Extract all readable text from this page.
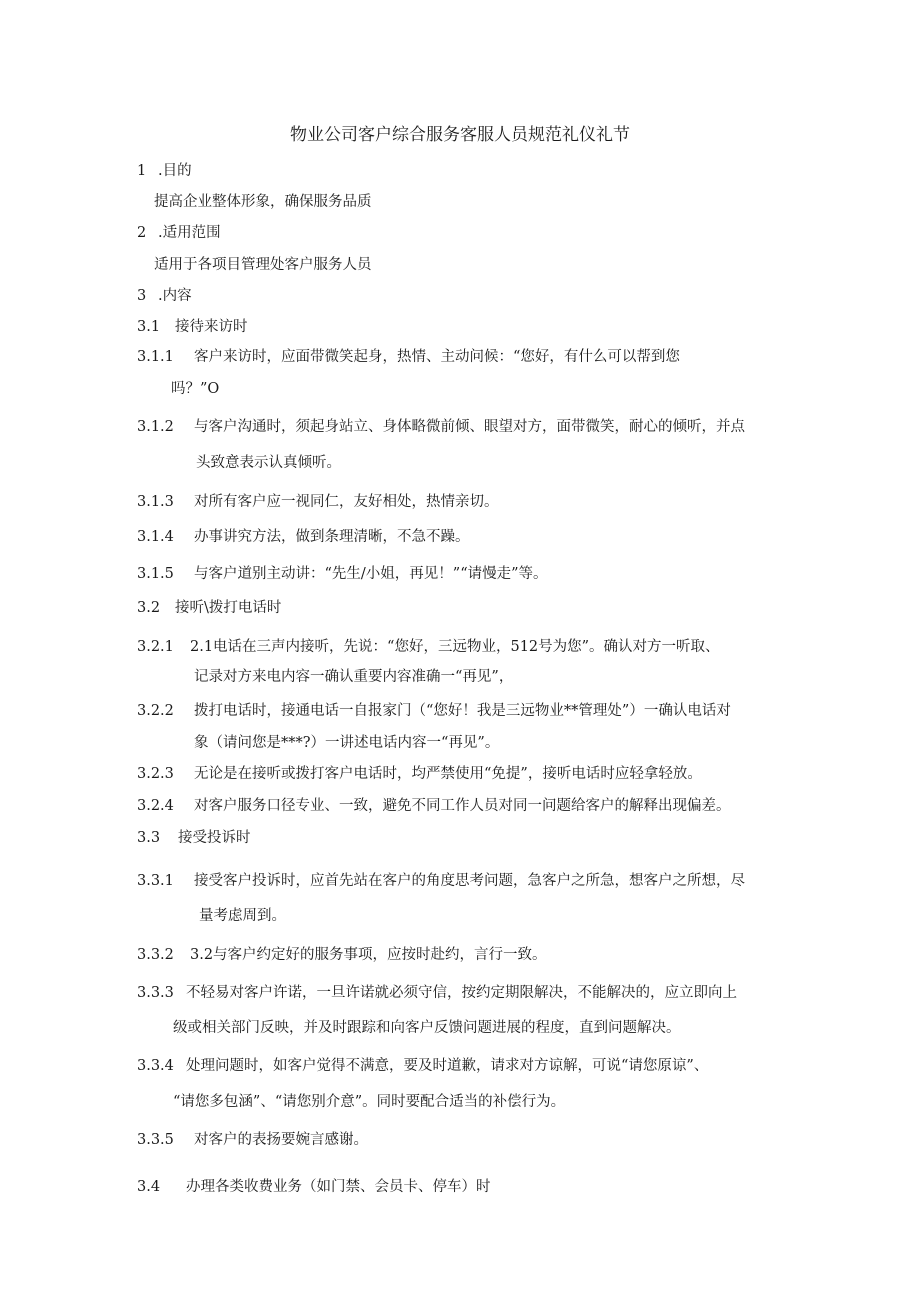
物业公司客户综合服务客服人员规范礼仪礼节
1 .目的
提高企业整体形象，确保服务品质
2 .适用范围
适用于各项目管理处客户服务人员
3 .内容
3.1 接待来访时
3.1.1 客户来访时，应面带微笑起身，热情、主动问候：“您好，有什么可以帮到您
吗？”O
3.1.2 与客户沟通时，须起身站立、身体略微前倾、眼望对方，面带微笑，耐心的倾听，并点
头致意表示认真倾听。
3.1.3 对所有客户应一视同仁，友好相处，热情亲切。
3.1.4 办事讲究方法，做到条理清晰，不急不躁。
3.1.5 与客户道别主动讲：“先生/小姐，再见！”“请慢走”等。
3.2 接听\拨打电话时
3.2.1 2.1电话在三声内接听，先说：“您好，三远物业，512号为您”。确认对方一听取、
记录对方来电内容一确认重要内容准确一“再见”，
3.2.2 拨打电话时，接通电话一自报家门（“您好！我是三远物业**管理处”）一确认电话对
象（请问您是***?）一讲述电话内容一“再见”。
3.2.3 无论是在接听或拨打客户电话时，均严禁使用“免提”，接听电话时应轻拿轻放。
3.2.4 对客户服务口径专业、一致，避免不同工作人员对同一问题给客户的解释出现偏差。
3.3 接受投诉时
3.3.1 接受客户投诉时，应首先站在客户的角度思考问题，急客户之所急，想客户之所想，尽
量考虑周到。
3.3.2 3.2与客户约定好的服务事项，应按时赴约，言行一致。
3.3.3 不轻易对客户许诺，一旦许诺就必须守信，按约定期限解决，不能解决的，应立即向上
级或相关部门反映，并及时跟踪和向客户反馈问题进展的程度，直到问题解决。
3.3.4 处理问题时，如客户觉得不满意，要及时道歉，请求对方谅解，可说“请您原谅”、
“请您多包涵”、“请您别介意”。同时要配合适当的补偿行为。
3.3.5 对客户的表扬要婉言感谢。
3.4 办理各类收费业务（如门禁、会员卡、停车）时
